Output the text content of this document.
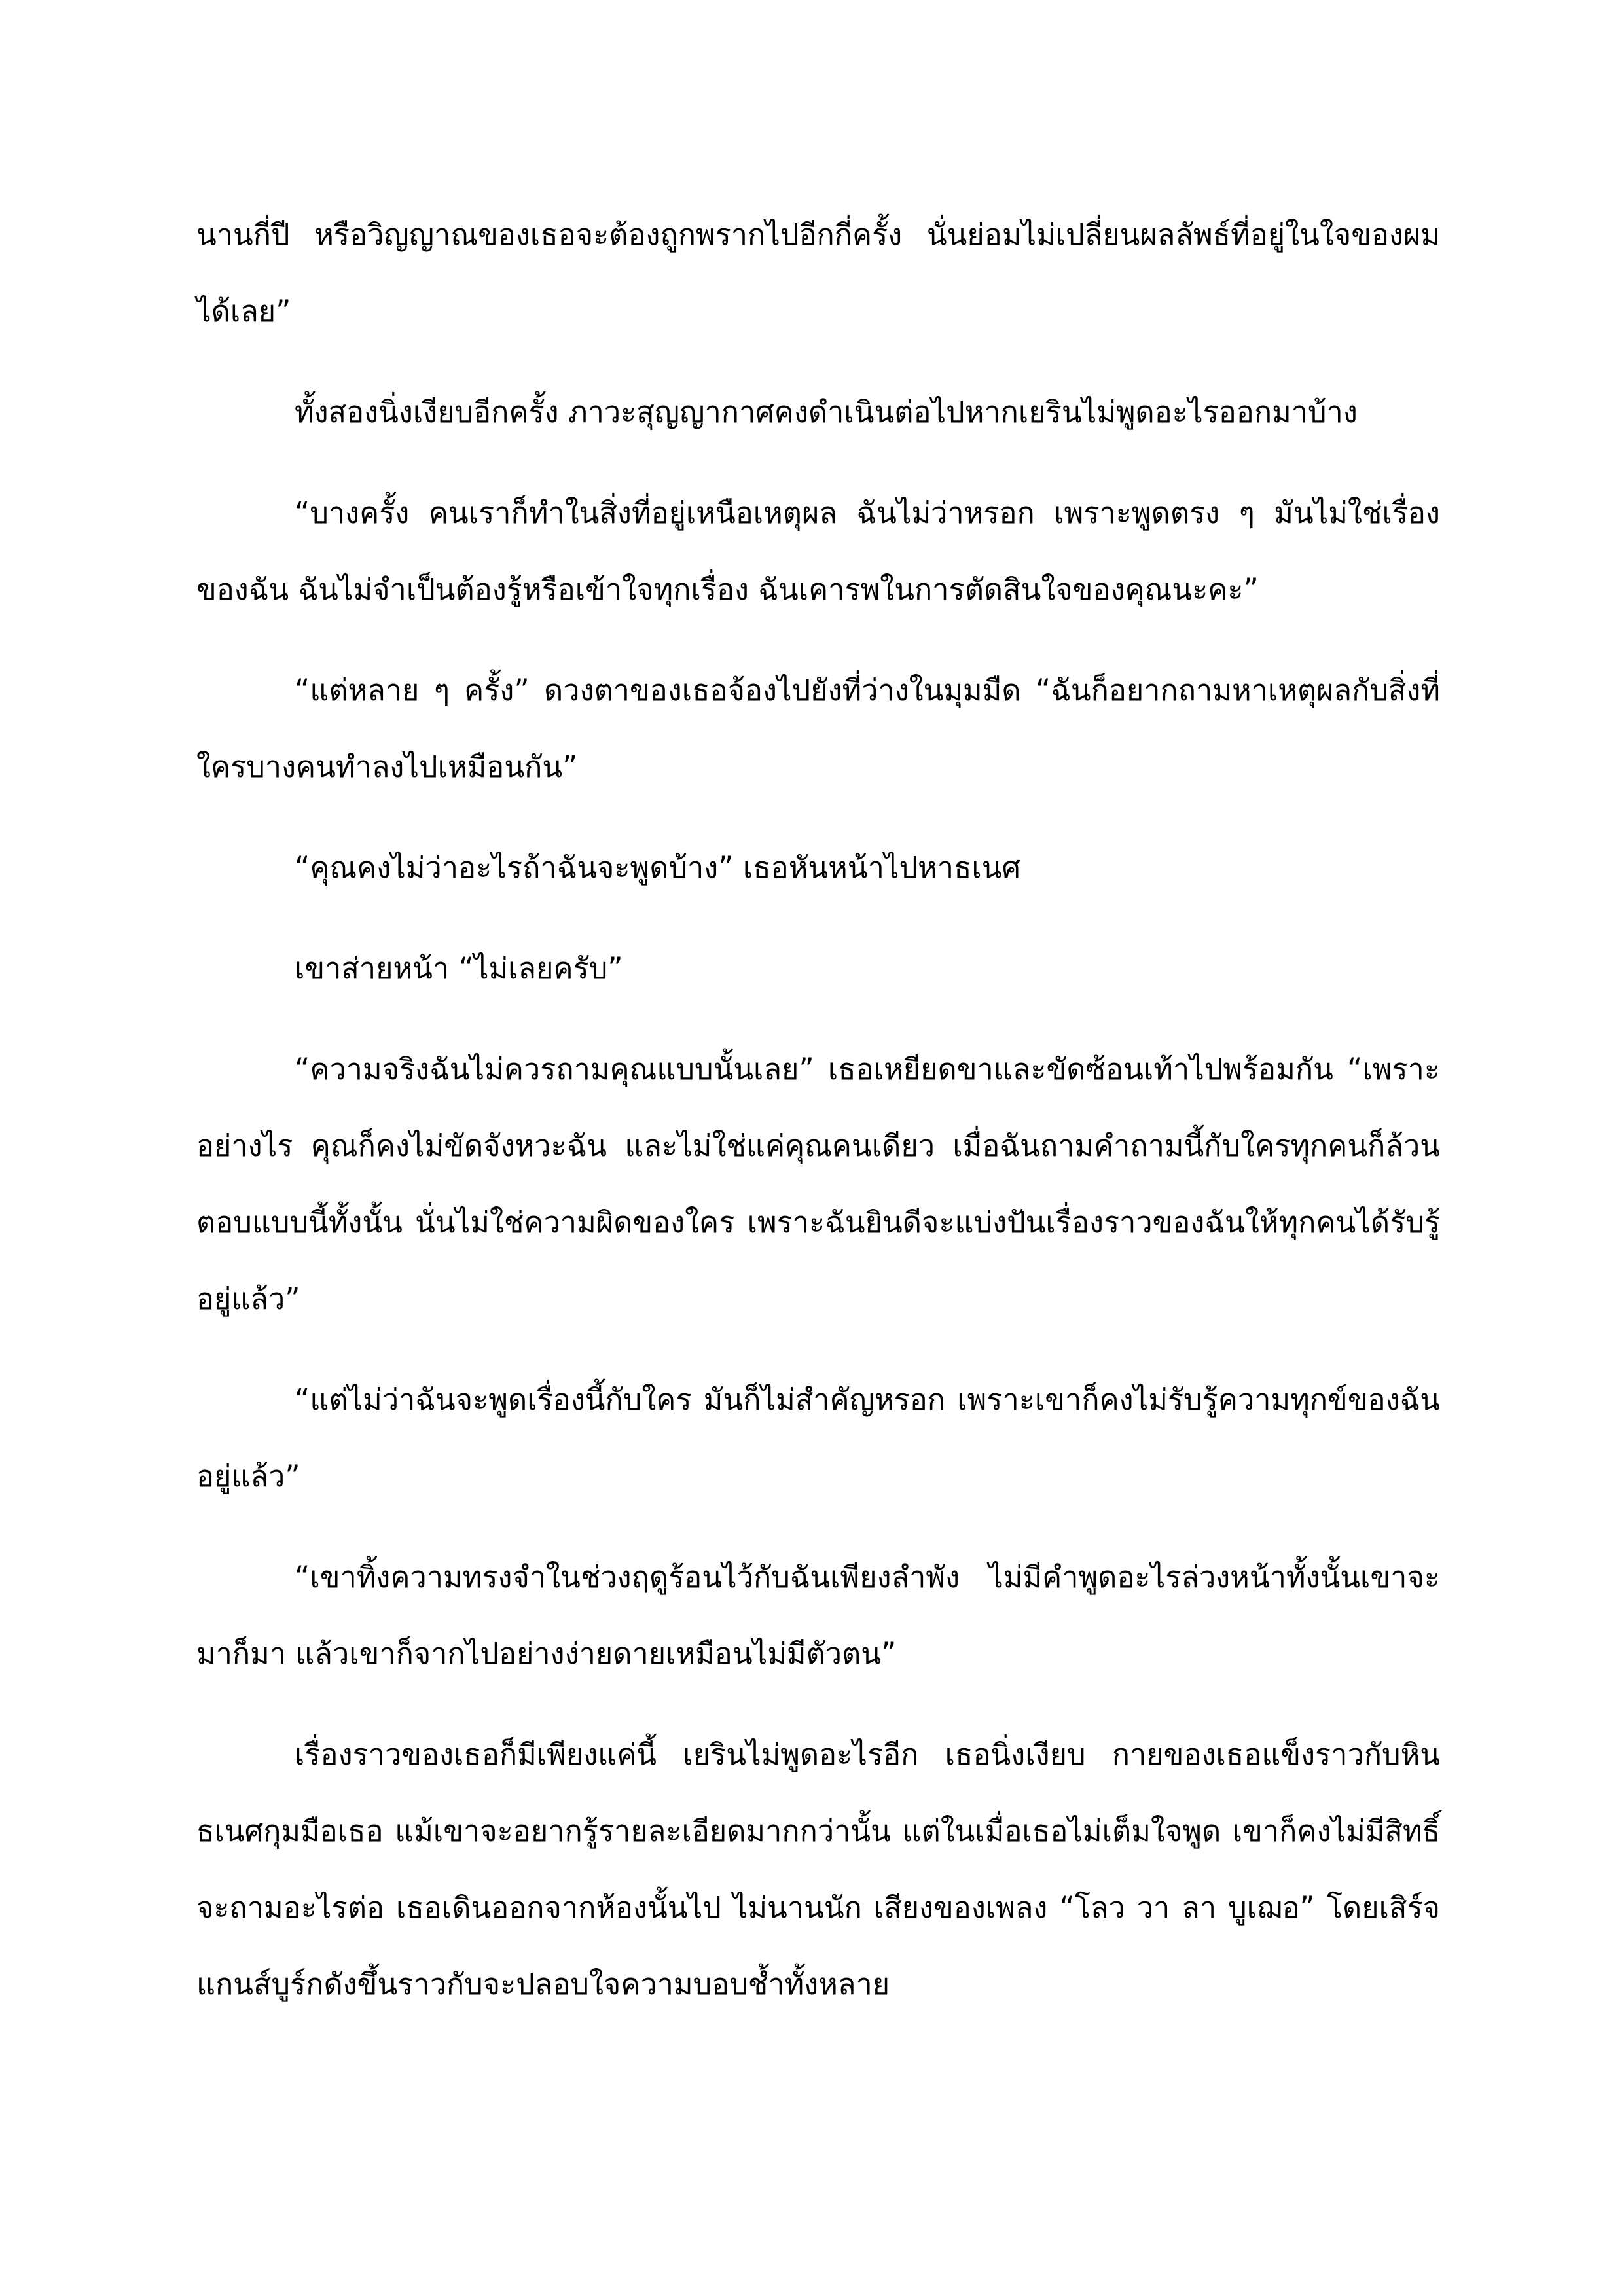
นานกี่ปี หรือวิญญาณของเธอจะต้องถูกพรากไปอีกกี่ครั้ง นั่นย่อมไม่เปลี่ยนผลลัพธ์ที่อยู่ในใจของผมได้เลย”

ทั้งสองนิ่งเงียบอีกครั้ง ภาวะสุญญากาศคงดำเนินต่อไปหากเยรินไม่พูดอะไรออกมาบ้าง

“บางครั้ง คนเราก็ทำในสิ่งที่อยู่เหนือเหตุผล ฉันไม่ว่าหรอก เพราะพูดตรง ๆ มันไม่ใช่เรื่องของฉัน ฉันไม่จำเป็นต้องรู้หรือเข้าใจทุกเรื่อง ฉันเคารพในการตัดสินใจของคุณนะคะ”

“แต่หลาย ๆ ครั้ง” ดวงตาของเธอจ้องไปยังที่ว่างในมุมมืด “ฉันก็อยากถามหาเหตุผลกับสิ่งที่ใครบางคนทำลงไปเหมือนกัน”

“คุณคงไม่ว่าอะไรถ้าฉันจะพูดบ้าง” เธอหันหน้าไปหาธเนศ

เขาส่ายหน้า “ไม่เลยครับ”

“ความจริงฉันไม่ควรถามคุณแบบนั้นเลย” เธอเหยียดขาและขัดซ้อนเท้าไปพร้อมกัน “เพราะอย่างไร คุณก็คงไม่ขัดจังหวะฉัน และไม่ใช่แค่คุณคนเดียว เมื่อฉันถามคำถามนี้กับใครทุกคนก็ล้วนตอบแบบนี้ทั้งนั้น นั่นไม่ใช่ความผิดของใคร เพราะฉันยินดีจะแบ่งปันเรื่องราวของฉันให้ทุกคนได้รับรู้อยู่แล้ว”

“แต่ไม่ว่าฉันจะพูดเรื่องนี้กับใคร มันก็ไม่สำคัญหรอก เพราะเขาก็คงไม่รับรู้ความทุกข์ของฉันอยู่แล้ว”

“เขาทิ้งความทรงจำในช่วงฤดูร้อนไว้กับฉันเพียงลำพัง ไม่มีคำพูดอะไรล่วงหน้าทั้งนั้นเขาจะมาก็มา แล้วเขาก็จากไปอย่างง่ายดายเหมือนไม่มีตัวตน”

เรื่องราวของเธอก็มีเพียงแค่นี้ เยรินไม่พูดอะไรอีก เธอนิ่งเงียบ กายของเธอแข็งราวกับหิน ธเนศกุมมือเธอ แม้เขาจะอยากรู้รายละเอียดมากกว่านั้น แต่ในเมื่อเธอไม่เต็มใจพูด เขาก็คงไม่มีสิทธิ์จะถามอะไรต่อ เธอเดินออกจากห้องนั้นไป ไม่นานนัก เสียงของเพลง “โลว วา ลา บูเฌอ” โดยเสิร์จ แกนส์บูร์กดังขึ้นราวกับจะปลอบใจความบอบช้ำทั้งหลาย
